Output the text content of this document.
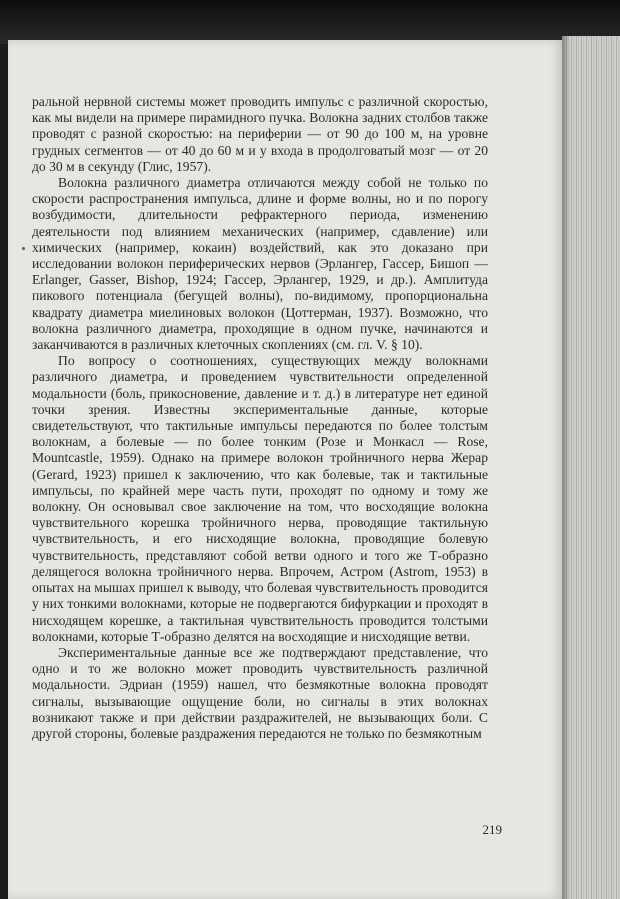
ральной нервной системы может проводить импульс с различной скоростью, как мы видели на примере пирамидного пучка. Волокна задних столбов также проводят с разной скоростью: на периферии — от 90 до 100 м, на уровне грудных сегментов — от 40 до 60 м и у входа в продолговатый мозг — от 20 до 30 м в секунду (Глис, 1957).

Волокна различного диаметра отличаются между собой не только по скорости распространения импульса, длине и форме волны, но и по порогу возбудимости, длительности рефрактерного периода, изменению деятельности под влиянием механических (например, сдавление) или химических (например, кокаин) воздействий, как это доказано при исследовании волокон периферических нервов (Эрлангер, Гассер, Бишоп — Erlanger, Gasser, Bishop, 1924; Гассер, Эрлангер, 1929, и др.). Амплитуда пикового потенциала (бегущей волны), по-видимому, пропорциональна квадрату диаметра миелиновых волокон (Цоттерман, 1937). Возможно, что волокна различного диаметра, проходящие в одном пучке, начинаются и заканчиваются в различных клеточных скоплениях (см. гл. V. § 10).

По вопросу о соотношениях, существующих между волокнами различного диаметра, и проведением чувствительности определенной модальности (боль, прикосновение, давление и т. д.) в литературе нет единой точки зрения. Известны экспериментальные данные, которые свидетельствуют, что тактильные импульсы передаются по более толстым волокнам, а болевые — по более тонким (Розе и Монкасл — Rose, Mountcastle, 1959). Однако на примере волокон тройничного нерва Жерар (Gerard, 1923) пришел к заключению, что как болевые, так и тактильные импульсы, по крайней мере часть пути, проходят по одному и тому же волокну. Он основывал свое заключение на том, что восходящие волокна чувствительного корешка тройничного нерва, проводящие тактильную чувствительность, и его нисходящие волокна, проводящие болевую чувствительность, представляют собой ветви одного и того же Т-образно делящегося волокна тройничного нерва. Впрочем, Астром (Astrom, 1953) в опытах на мышах пришел к выводу, что болевая чувствительность проводится у них тонкими волокнами, которые не подвергаются бифуркации и проходят в нисходящем корешке, а тактильная чувствительность проводится толстыми волокнами, которые Т-образно делятся на восходящие и нисходящие ветви.

Экспериментальные данные все же подтверждают представление, что одно и то же волокно может проводить чувствительность различной модальности. Эдриан (1959) нашел, что безмякотные волокна проводят сигналы, вызывающие ощущение боли, но сигналы в этих волокнах возникают также и при действии раздражителей, не вызывающих боли. С другой стороны, болевые раздражения передаются не только по безмякотным

219
